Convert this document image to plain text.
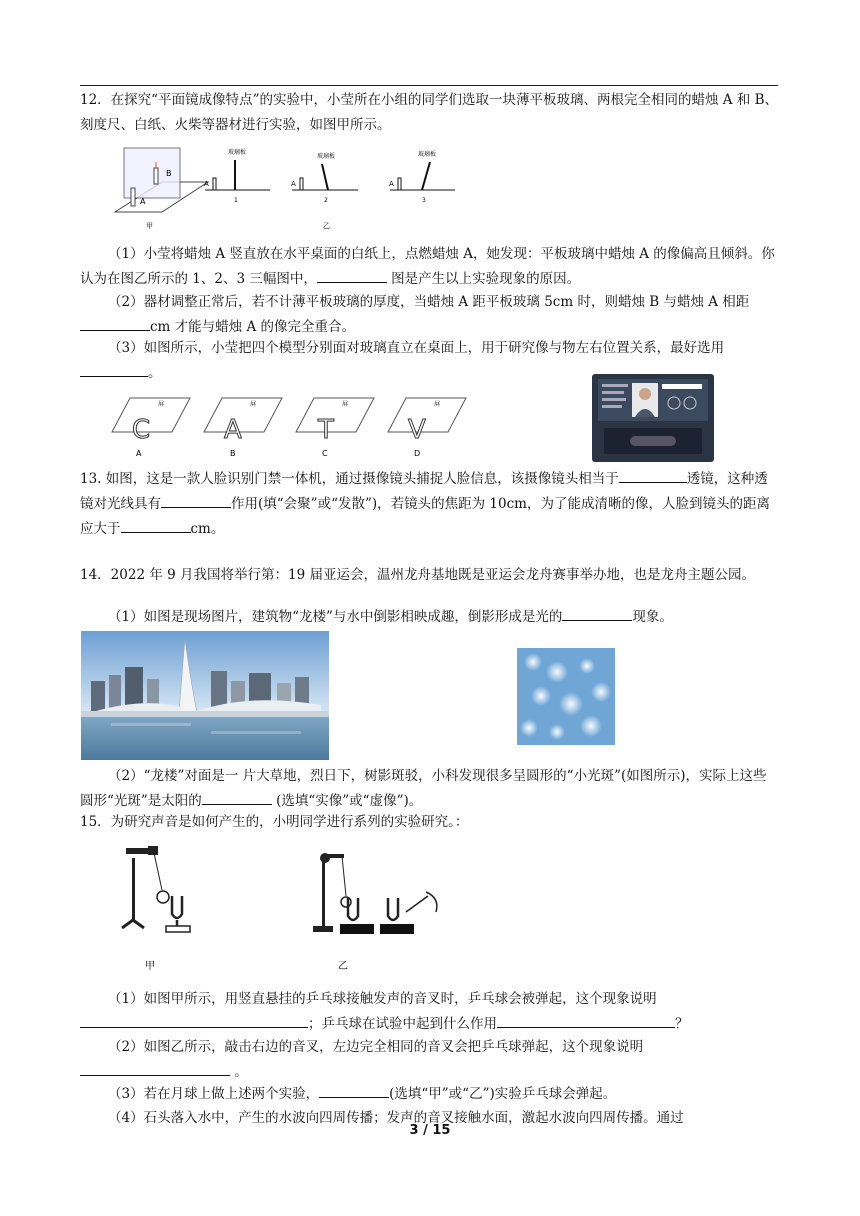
12．在探究“平面镜成像特点”的实验中，小莹所在小组的同学们选取一块薄平板玻璃、两根完全相同的蜡烛 A 和 B、刻度尺、白纸、火柴等器材进行实验，如图甲所示。

A
B
甲
玻璃板
A
1
玻璃板
A
2
乙
玻璃板
A
3

（1）小莹将蜡烛 A 竖直放在水平桌面的白纸上，点燃蜡烛 A，她发现：平板玻璃中蜡烛 A 的像偏高且倾斜。你认为在图乙所示的 1、2、3 三幅图中，	图是产生以上实验现象的原因。

（2）器材调整正常后，若不计薄平板玻璃的厚度，当蜡烛 A 距平板玻璃 5cm 时，则蜡烛 B 与蜡烛 A 相距cm 才能与蜡烛 A 的像完全重合。

（3）如图所示，小莹把四个模型分别面对玻璃直立在桌面上，用于研究像与物左右位置关系，最好选用。

屏
C
A
屏
A
B
屏
T
C
屏
V
D

13. 如图，这是一款人脸识别门禁一体机，通过摄像镜头捕捉人脸信息，该摄像镜头相当于	透镜，这种透镜对光线具有	作用(填“会聚”或“发散”)，若镜头的焦距为 10cm，为了能成清晰的像，人脸到镜头的距离应大于	cm。

14．2022 年 9 月我国将举行第：19 届亚运会，温州龙舟基地既是亚运会龙舟赛事举办地，也是龙舟主题公园。

（1）如图是现场图片，建筑物“龙楼”与水中倒影相映成趣，倒影形成是光的	现象。

（2）“龙楼”对面是一 片大草地，烈日下，树影斑驳，小科发现很多呈圆形的“小光斑”(如图所示)，实际上这些圆形“光斑”是太阳的	(选填“实像”或“虚像”)。

15．为研究声音是如何产生的，小明同学进行系列的实验研究。：

甲	乙

（1）如图甲所示，用竖直悬挂的乒乓球接触发声的音叉时，乒乓球会被弹起，这个现象说明；乒乓球在试验中起到什么作用	？

（2）如图乙所示，敲击右边的音叉，左边完全相同的音叉会把乒乓球弹起，这个现象说明  。

（3）若在月球上做上述两个实验，	(选填“甲”或“乙”)实验乒乓球会弹起。

（4）石头落入水中，产生的水波向四周传播；发声的音叉接触水面，激起水波向四周传播。通过

3 / 15
